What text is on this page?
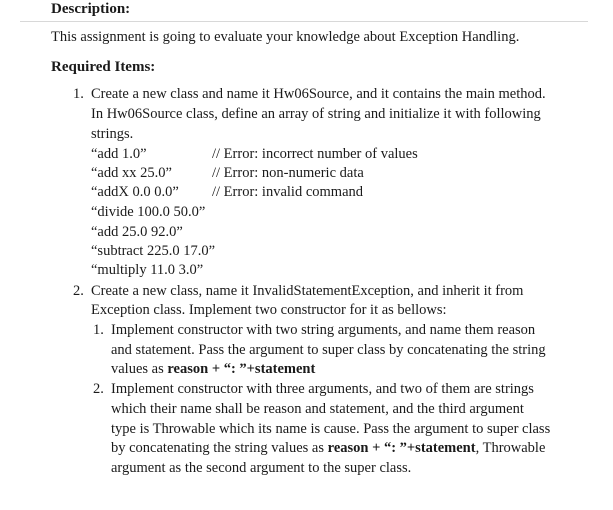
Description:
This assignment is going to evaluate your knowledge about Exception Handling.
Required Items:
1. Create a new class and name it Hw06Source, and it contains the main method.
In Hw06Source class, define an array of string and initialize it with following
strings.
“add 1.0”	// Error: incorrect number of values
“add xx 25.0”	// Error: non-numeric data
“addX 0.0 0.0” // Error: invalid command
“divide 100.0 50.0”
“add 25.0 92.0”
“subtract 225.0 17.0”
“multiply 11.0 3.0”
2. Create a new class, name it InvalidStatementException, and inherit it from
Exception class. Implement two constructor for it as bellows:
1. Implement constructor with two string arguments, and name them reason
and statement. Pass the argument to super class by concatenating the string
values as reason + “: ”+statement
2. Implement constructor with three arguments, and two of them are strings
which their name shall be reason and statement, and the third argument
type is Throwable which its name is cause. Pass the argument to super class
by concatenating the string values as reason + “: ”+statement, Throwable
argument as the second argument to the super class.
